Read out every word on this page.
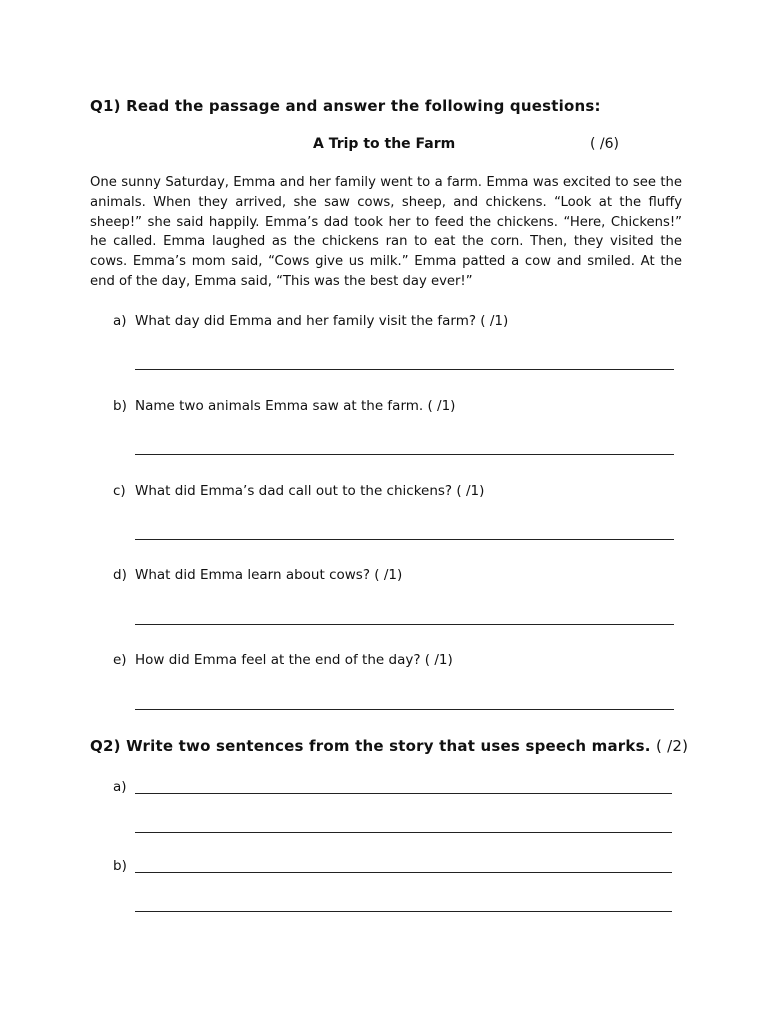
Q1) Read the passage and answer the following questions:
A Trip to the Farm	( /6)

One sunny Saturday, Emma and her family went to a farm. Emma was excited to see the animals. When they arrived, she saw cows, sheep, and chickens. “Look at the fluffy sheep!” she said happily. Emma’s dad took her to feed the chickens. “Here, Chickens!” he called. Emma laughed as the chickens ran to eat the corn. Then, they visited the cows. Emma’s mom said, “Cows give us milk.” Emma patted a cow and smiled. At the end of the day, Emma said, “This was the best day ever!”

a) What day did Emma and her family visit the farm? ( /1)
b) Name two animals Emma saw at the farm. ( /1)
c) What did Emma’s dad call out to the chickens? ( /1)
d) What did Emma learn about cows? ( /1)
e) How did Emma feel at the end of the day? ( /1)
Q2) Write two sentences from the story that uses speech marks. ( /2)
a)
b)
